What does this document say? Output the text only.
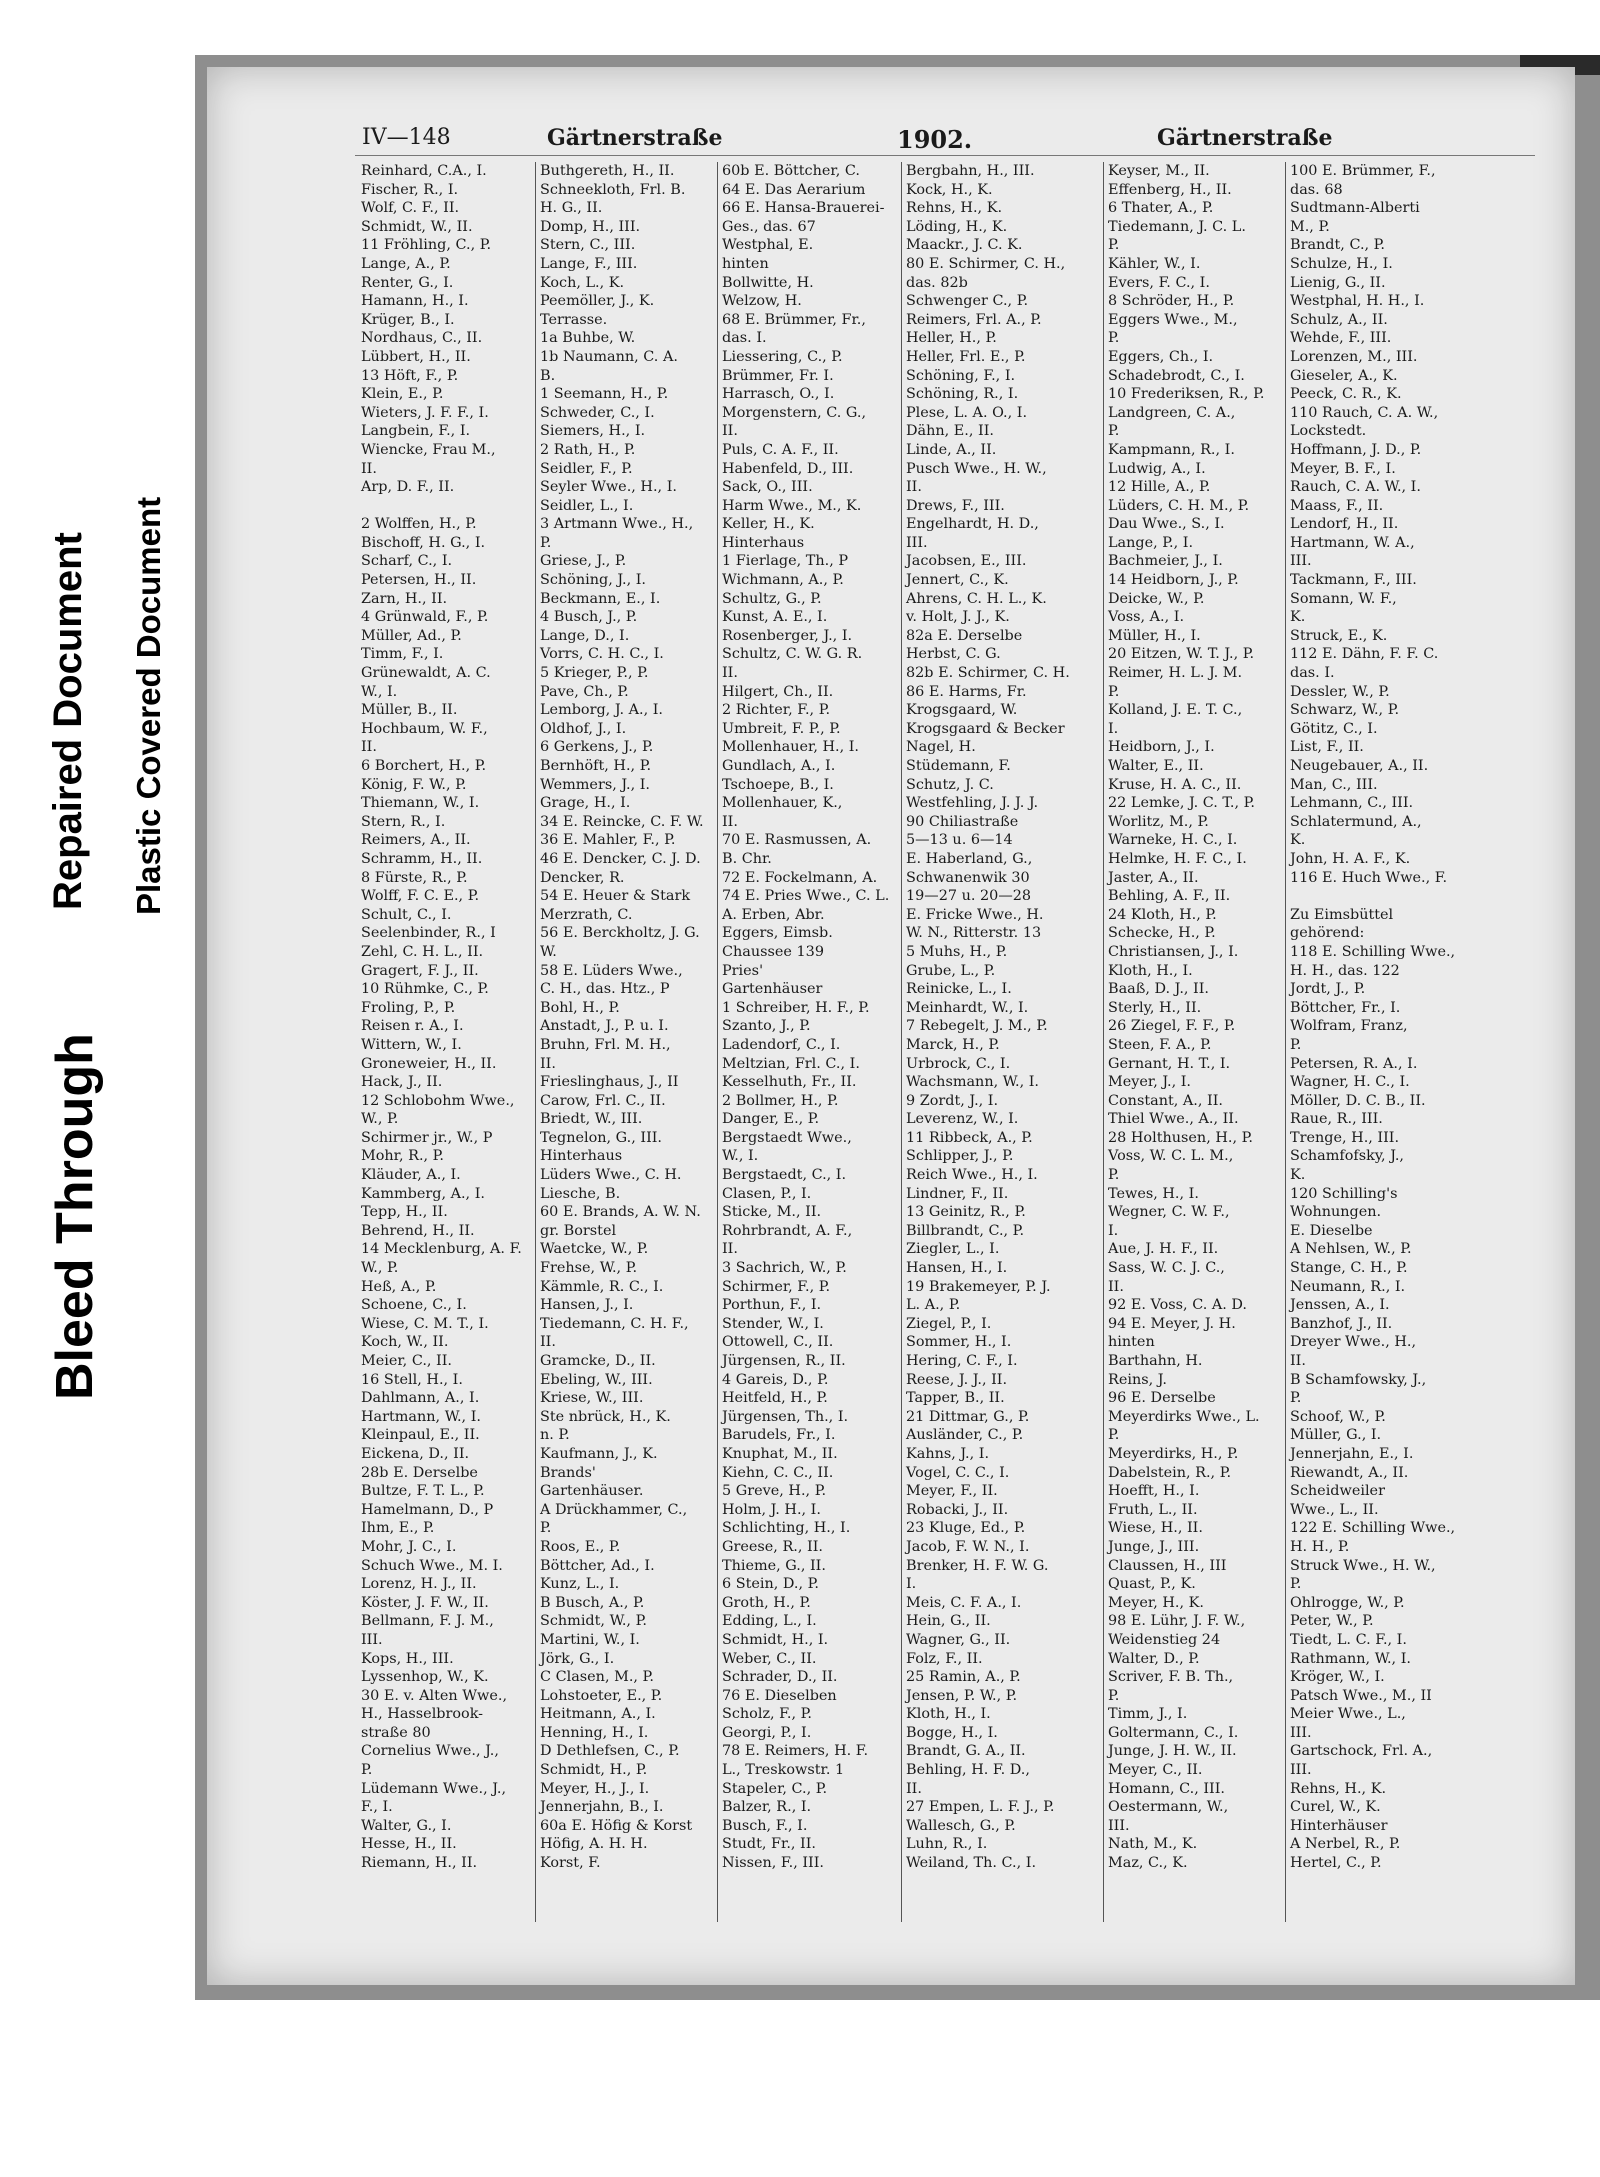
Bleed Through
Repaired Document Plastic Covered Document
IV—148	Gärtnerstraße	1902.	Gärtnerstraße
Reinhard, C.A., I.
Fischer, R., I.
Wolf, C. F., II.
Schmidt, W., II.
11 Fröhling, C., P.
Lange, A., P.
Renter, G., I.
Hamann, H., I.
Krüger, B., I.
Nordhaus, C., II.
Lübbert, H., II.
13 Höft, F., P.
Klein, E., P.
Wieters, J. F. F., I.
Langbein, F., I.
Wiencke, Frau M.,
II.
Arp, D. F., II.

2 Wolffen, H., P.
Bischoff, H. G., I.
Scharf, C., I.
Petersen, H., II.
Zarn, H., II.
4 Grünwald, F., P.
Müller, Ad., P.
Timm, F., I.
Grünewaldt, A. C.
W., I.
Müller, B., II.
Hochbaum, W. F.,
II.
6 Borchert, H., P.
König, F. W., P.
Thiemann, W., I.
Stern, R., I.
Reimers, A., II.
Schramm, H., II.
8 Fürste, R., P.
Wolff, F. C. E., P.
Schult, C., I.
Seelenbinder, R., I
Zehl, C. H. L., II.
Gragert, F. J., II.
10 Rühmke, C., P.
Froling, P., P.
Reisen r. A., I.
Wittern, W., I.
Groneweier, H., II.
Hack, J., II.
12 Schlobohm Wwe.,
W., P.
Schirmer jr., W., P
Mohr, R., P.
Kläuder, A., I.
Kammberg, A., I.
Tepp, H., II.
Behrend, H., II.
14 Mecklenburg, A. F.
W., P.
Heß, A., P.
Schoene, C., I.
Wiese, C. M. T., I.
Koch, W., II.
Meier, C., II.
16 Stell, H., I.
Dahlmann, A., I.
Hartmann, W., I.
Kleinpaul, E., II.
Eickena, D., II.
28b E. Derselbe
Bultze, F. T. L., P.
Hamelmann, D., P
Ihm, E., P.
Mohr, J. C., I.
Schuch Wwe., M. I.
Lorenz, H. J., II.
Köster, J. F. W., II.
Bellmann, F. J. M.,
III.
Kops, H., III.
Lyssenhop, W., K.
30 E. v. Alten Wwe.,
H., Hasselbrook-
straße 80
Cornelius Wwe., J.,
P.
Lüdemann Wwe., J.,
F., I.
Walter, G., I.
Hesse, H., II.
Riemann, H., II.
Buthgereth, H., II.
Schneekloth, Frl. B.
H. G., II.
Domp, H., III.
Stern, C., III.
Lange, F., III.
Koch, L., K.
Peemöller, J., K.
Terrasse.
1a Buhbe, W.
1b Naumann, C. A.
B.
1 Seemann, H., P.
Schweder, C., I.
Siemers, H., I.
2 Rath, H., P.
Seidler, F., P.
Seyler Wwe., H., I.
Seidler, L., I.
3 Artmann Wwe., H.,
P.
Griese, J., P.
Schöning, J., I.
Beckmann, E., I.
4 Busch, J., P.
Lange, D., I.
Vorrs, C. H. C., I.
5 Krieger, P., P.
Pave, Ch., P.
Lemborg, J. A., I.
Oldhof, J., I.
6 Gerkens, J., P.
Bernhöft, H., P.
Wemmers, J., I.
Grage, H., I.
34 E. Reincke, C. F. W.
36 E. Mahler, F., P.
46 E. Dencker, C. J. D.
Dencker, R.
54 E. Heuer & Stark
Merzrath, C.
56 E. Berckholtz, J. G.
W.
58 E. Lüders Wwe.,
C. H., das. Htz., P
Bohl, H., P.
Anstadt, J., P. u. I.
Bruhn, Frl. M. H.,
II.
Frieslinghaus, J., II
Carow, Frl. C., II.
Briedt, W., III.
Tegnelon, G., III.
Hinterhaus
Lüders Wwe., C. H.
Liesche, B.
60 E. Brands, A. W. N.
gr. Borstel
Waetcke, W., P.
Frehse, W., P.
Kämmle, R. C., I.
Hansen, J., I.
Tiedemann, C. H. F.,
II.
Gramcke, D., II.
Ebeling, W., III.
Kriese, W., III.
Ste nbrück, H., K.
n. P.
Kaufmann, J., K.
Brands'
Gartenhäuser.
A Drückhammer, C.,
P.
Roos, E., P.
Böttcher, Ad., I.
Kunz, L., I.
B Busch, A., P.
Schmidt, W., P.
Martini, W., I.
Jörk, G., I.
C Clasen, M., P.
Lohstoeter, E., P.
Heitmann, A., I.
Henning, H., I.
D Dethlefsen, C., P.
Schmidt, H., P.
Meyer, H., J., I.
Jennerjahn, B., I.
60a E. Höfig & Korst
Höfig, A. H. H.
Korst, F.
60b E. Böttcher, C.
64 E. Das Aerarium
66 E. Hansa-Brauerei-
Ges., das. 67
Westphal, E.
hinten
Bollwitte, H.
Welzow, H.
68 E. Brümmer, Fr.,
das. I.
Liessering, C., P.
Brümmer, Fr. I.
Harrasch, O., I.
Morgenstern, C. G.,
II.
Puls, C. A. F., II.
Habenfeld, D., III.
Sack, O., III.
Harm Wwe., M., K.
Keller, H., K.
Hinterhaus
1 Fierlage, Th., P
Wichmann, A., P.
Schultz, G., P.
Kunst, A. E., I.
Rosenberger, J., I.
Schultz, C. W. G. R.
II.
Hilgert, Ch., II.
2 Richter, F., P.
Umbreit, F. P., P.
Mollenhauer, H., I.
Gundlach, A., I.
Tschoepe, B., I.
Mollenhauer, K.,
II.
70 E. Rasmussen, A.
B. Chr.
72 E. Fockelmann, A.
74 E. Pries Wwe., C. L.
A. Erben, Abr.
Eggers, Eimsb.
Chaussee 139
Pries'
Gartenhäuser
1 Schreiber, H. F., P.
Szanto, J., P.
Ladendorf, C., I.
Meltzian, Frl. C., I.
Kesselhuth, Fr., II.
2 Bollmer, H., P.
Danger, E., P.
Bergstaedt Wwe.,
W., I.
Bergstaedt, C., I.
Clasen, P., I.
Sticke, M., II.
Rohrbrandt, A. F.,
II.
3 Sachrich, W., P.
Schirmer, F., P.
Porthun, F., I.
Stender, W., I.
Ottowell, C., II.
Jürgensen, R., II.
4 Gareis, D., P.
Heitfeld, H., P.
Jürgensen, Th., I.
Barudels, Fr., I.
Knuphat, M., II.
Kiehn, C. C., II.
5 Greve, H., P.
Holm, J. H., I.
Schlichting, H., I.
Greese, R., II.
Thieme, G., II.
6 Stein, D., P.
Groth, H., P.
Edding, L., I.
Schmidt, H., I.
Weber, C., II.
Schrader, D., II.
76 E. Dieselben
Scholz, F., P.
Georgi, P., I.
78 E. Reimers, H. F.
L., Treskowstr. 1
Stapeler, C., P.
Balzer, R., I.
Busch, F., I.
Studt, Fr., II.
Nissen, F., III.
Bergbahn, H., III.
Kock, H., K.
Rehns, H., K.
Löding, H., K.
Maackr., J. C. K.
80 E. Schirmer, C. H.,
das. 82b
Schwenger C., P.
Reimers, Frl. A., P.
Heller, H., P.
Heller, Frl. E., P.
Schöning, F., I.
Schöning, R., I.
Plese, L. A. O., I.
Dähn, E., II.
Linde, A., II.
Pusch Wwe., H. W.,
II.
Drews, F., III.
Engelhardt, H. D.,
III.
Jacobsen, E., III.
Jennert, C., K.
Ahrens, C. H. L., K.
v. Holt, J. J., K.
82a E. Derselbe
Herbst, C. G.
82b E. Schirmer, C. H.
86 E. Harms, Fr.
Krogsgaard, W.
Krogsgaard & Becker
Nagel, H.
Stüdemann, F.
Schutz, J. C.
Westfehling, J. J. J.
90 Chiliastraße
5—13 u. 6—14
E. Haberland, G.,
Schwanenwik 30
19—27 u. 20—28
E. Fricke Wwe., H.
W. N., Ritterstr. 13
5 Muhs, H., P.
Grube, L., P.
Reinicke, L., I.
Meinhardt, W., I.
7 Rebegelt, J. M., P.
Marck, H., P.
Urbrock, C., I.
Wachsmann, W., I.
9 Zordt, J., I.
Leverenz, W., I.
11 Ribbeck, A., P.
Schlipper, J., P.
Reich Wwe., H., I.
Lindner, F., II.
13 Geinitz, R., P.
Billbrandt, C., P.
Ziegler, L., I.
Hansen, H., I.
19 Brakemeyer, P. J.
L. A., P.
Ziegel, P., I.
Sommer, H., I.
Hering, C. F., I.
Reese, J. J., II.
Tapper, B., II.
21 Dittmar, G., P.
Ausländer, C., P.
Kahns, J., I.
Vogel, C. C., I.
Meyer, F., II.
Robacki, J., II.
23 Kluge, Ed., P.
Jacob, F. W. N., I.
Brenker, H. F. W. G.
I.
Meis, C. F. A., I.
Hein, G., II.
Wagner, G., II.
Folz, F., II.
25 Ramin, A., P.
Jensen, P. W., P.
Kloth, H., I.
Bogge, H., I.
Brandt, G. A., II.
Behling, H. F. D.,
II.
27 Empen, L. F. J., P.
Wallesch, G., P.
Luhn, R., I.
Weiland, Th. C., I.
Keyser, M., II.
Effenberg, H., II.
6 Thater, A., P.
Tiedemann, J. C. L.
P.
Kähler, W., I.
Evers, F. C., I.
8 Schröder, H., P.
Eggers Wwe., M.,
P.
Eggers, Ch., I.
Schadebrodt, C., I.
10 Frederiksen, R., P.
Landgreen, C. A.,
P.
Kampmann, R., I.
Ludwig, A., I.
12 Hille, A., P.
Lüders, C. H. M., P.
Dau Wwe., S., I.
Lange, P., I.
Bachmeier, J., I.
14 Heidborn, J., P.
Deicke, W., P.
Voss, A., I.
Müller, H., I.
20 Eitzen, W. T. J., P.
Reimer, H. L. J. M.
P.
Kolland, J. E. T. C.,
I.
Heidborn, J., I.
Walter, E., II.
Kruse, H. A. C., II.
22 Lemke, J. C. T., P.
Worlitz, M., P.
Warneke, H. C., I.
Helmke, H. F. C., I.
Jaster, A., II.
Behling, A. F., II.
24 Kloth, H., P.
Schecke, H., P.
Christiansen, J., I.
Kloth, H., I.
Baaß, D. J., II.
Sterly, H., II.
26 Ziegel, F. F., P.
Steen, F. A., P.
Gernant, H. T., I.
Meyer, J., I.
Constant, A., II.
Thiel Wwe., A., II.
28 Holthusen, H., P.
Voss, W. C. L. M.,
P.
Tewes, H., I.
Wegner, C. W. F.,
I.
Aue, J. H. F., II.
Sass, W. C. J. C.,
II.
92 E. Voss, C. A. D.
94 E. Meyer, J. H.
hinten
Barthahn, H.
Reins, J.
96 E. Derselbe
Meyerdirks Wwe., L.
P.
Meyerdirks, H., P.
Dabelstein, R., P.
Hoefft, H., I.
Fruth, L., II.
Wiese, H., II.
Junge, J., III.
Claussen, H., III
Quast, P., K.
Meyer, H., K.
98 E. Lühr, J. F. W.,
Weidenstieg 24
Walter, D., P.
Scriver, F. B. Th.,
P.
Timm, J., I.
Goltermann, C., I.
Junge, J. H. W., II.
Meyer, C., II.
Homann, C., III.
Oestermann, W.,
III.
Nath, M., K.
Maz, C., K.
100 E. Brümmer, F.,
das. 68
Sudtmann-Alberti
M., P.
Brandt, C., P.
Schulze, H., I.
Lienig, G., II.
Westphal, H. H., I.
Schulz, A., II.
Wehde, F., III.
Lorenzen, M., III.
Gieseler, A., K.
Peeck, C. R., K.
110 Rauch, C. A. W.,
Lockstedt.
Hoffmann, J. D., P.
Meyer, B. F., I.
Rauch, C. A. W., I.
Maass, F., II.
Lendorf, H., II.
Hartmann, W. A.,
III.
Tackmann, F., III.
Somann, W. F.,
K.
Struck, E., K.
112 E. Dähn, F. F. C.
das. I.
Dessler, W., P.
Schwarz, W., P.
Götitz, C., I.
List, F., II.
Neugebauer, A., II.
Man, C., III.
Lehmann, C., III.
Schlatermund, A.,
K.
John, H. A. F., K.
116 E. Huch Wwe., F.

Zu Eimsbüttel
gehörend:
118 E. Schilling Wwe.,
H. H., das. 122
Jordt, J., P.
Böttcher, Fr., I.
Wolfram, Franz,
P.
Petersen, R. A., I.
Wagner, H. C., I.
Möller, D. C. B., II.
Raue, R., III.
Trenge, H., III.
Schamfofsky, J.,
K.
120 Schilling's
Wohnungen.
E. Dieselbe
A Nehlsen, W., P.
Stange, C. H., P.
Neumann, R., I.
Jenssen, A., I.
Banzhof, J., II.
Dreyer Wwe., H.,
II.
B Schamfowsky, J.,
P.
Schoof, W., P.
Müller, G., I.
Jennerjahn, E., I.
Riewandt, A., II.
Scheidweiler
Wwe., L., II.
122 E. Schilling Wwe.,
H. H., P.
Struck Wwe., H. W.,
P.
Ohlrogge, W., P.
Peter, W., P.
Tiedt, L. C. F., I.
Rathmann, W., I.
Kröger, W., I.
Patsch Wwe., M., II
Meier Wwe., L.,
III.
Gartschock, Frl. A.,
III.
Rehns, H., K.
Curel, W., K.
Hinterhäuser
A Nerbel, R., P.
Hertel, C., P.
